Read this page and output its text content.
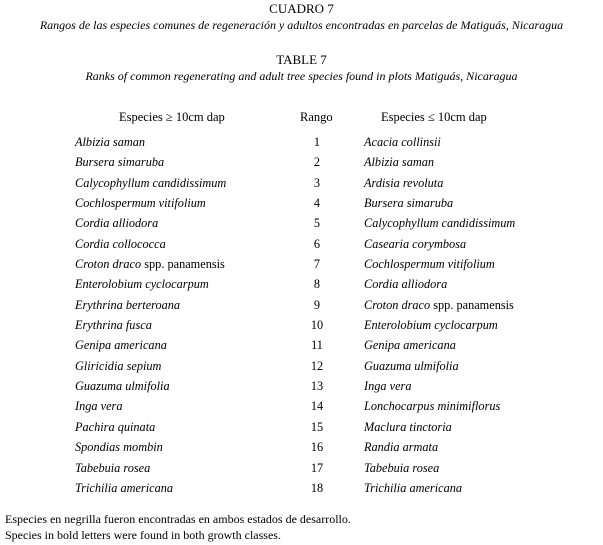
CUADRO 7
Rangos de las especies comunes de regeneración y adultos encontradas en parcelas de Matiguás, Nicaragua
TABLE 7
Ranks of common regenerating and adult tree species found in plots Matiguás, Nicaragua
Especies ≥ 10cm dap	Rango	Especies ≤ 10cm dap
Albizia saman	1	Acacia collinsii
Bursera simaruba	2	Albizia saman
Calycophyllum candidissimum	3	Ardisia revoluta
Cochlospermum vitifolium	4	Bursera simaruba
Cordia alliodora	5	Calycophyllum candidissimum
Cordia collococca	6	Casearia corymbosa
Croton draco spp. panamensis	7	Cochlospermum vitifolium
Enterolobium cyclocarpum	8	Cordia alliodora
Erythrina berteroana	9	Croton draco spp. panamensis
Erythrina fusca	10	Enterolobium cyclocarpum
Genipa americana	11	Genipa americana
Gliricidia sepium	12	Guazuma ulmifolia
Guazuma ulmifolia	13	Inga vera
Inga vera	14	Lonchocarpus minimiflorus
Pachira quinata	15	Maclura tinctoria
Spondias mombin	16	Randia armata
Tabebuia rosea	17	Tabebuia rosea
Trichilia americana	18	Trichilia americana
Especies en negrilla fueron encontradas en ambos estados de desarrollo.
Species in bold letters were found in both growth classes.
